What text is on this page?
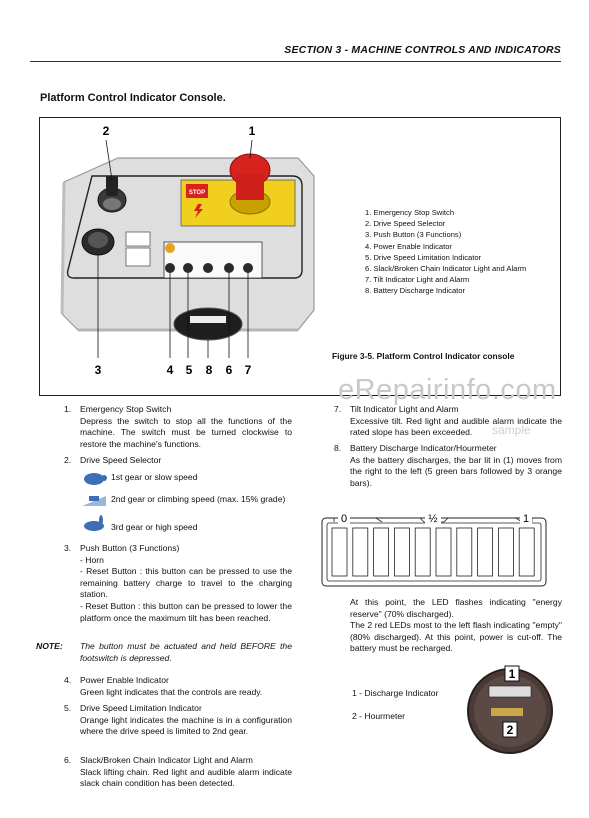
SECTION 3 - MACHINE CONTROLS AND INDICATORS
Platform Control Indicator Console.
STOP
2	1
3	4 5 8 6 7
1. Emergency Stop Switch
2. Drive Speed Selector
3. Push Button (3 Functions)
4. Power Enable Indicator
5. Drive Speed Limitation Indicator
6. Slack/Broken Chain Indicator Light and Alarm
7. Tilt Indicator Light and Alarm
8. Battery Discharge Indicator
Figure 3-5. Platform Control Indicator console
eRepairinfo.com
sample
1. Emergency Stop Switch
Depress the switch to stop all the functions of the machine. The switch must be turned clockwise to restore the machine's functions.
2. Drive Speed Selector
1st gear or slow speed
2nd gear or climbing speed (max. 15% grade)
3rd gear or high speed
3. Push Button (3 Functions)
- Horn
- Reset Button : this button can be pressed to use the remaining battery charge to travel to the charging station.
- Reset Button : this button can be pressed to lower the platform once the maximum tilt has been reached.
NOTE: The button must be actuated and held BEFORE the footswitch is depressed.
4. Power Enable Indicator
Green light indicates that the controls are ready.
5. Drive Speed Limitation Indicator
Orange light indicates the machine is in a configuration where the drive speed is limited to 2nd gear.
6. Slack/Broken Chain Indicator Light and Alarm
Slack lifting chain. Red light and audible alarm indicate slack chain condition has been detected.
7. Tilt Indicator Light and Alarm
Excessive tilt. Red light and audible alarm indicate the rated slope has been exceeded.
8. Battery Discharge Indicator/Hourmeter
As the battery discharges, the bar lit in (1) moves from the right to the left (5 green bars followed by 3 orange bars).
0	½	1
At this point, the LED flashes indicating "energy reserve" (70% discharged).
The 2 red LEDs most to the left flash indicating "empty" (80% discharged). At this point, power is cut-off. The battery must be recharged.
1 - Discharge Indicator
2 - Hourmeter
1
2
